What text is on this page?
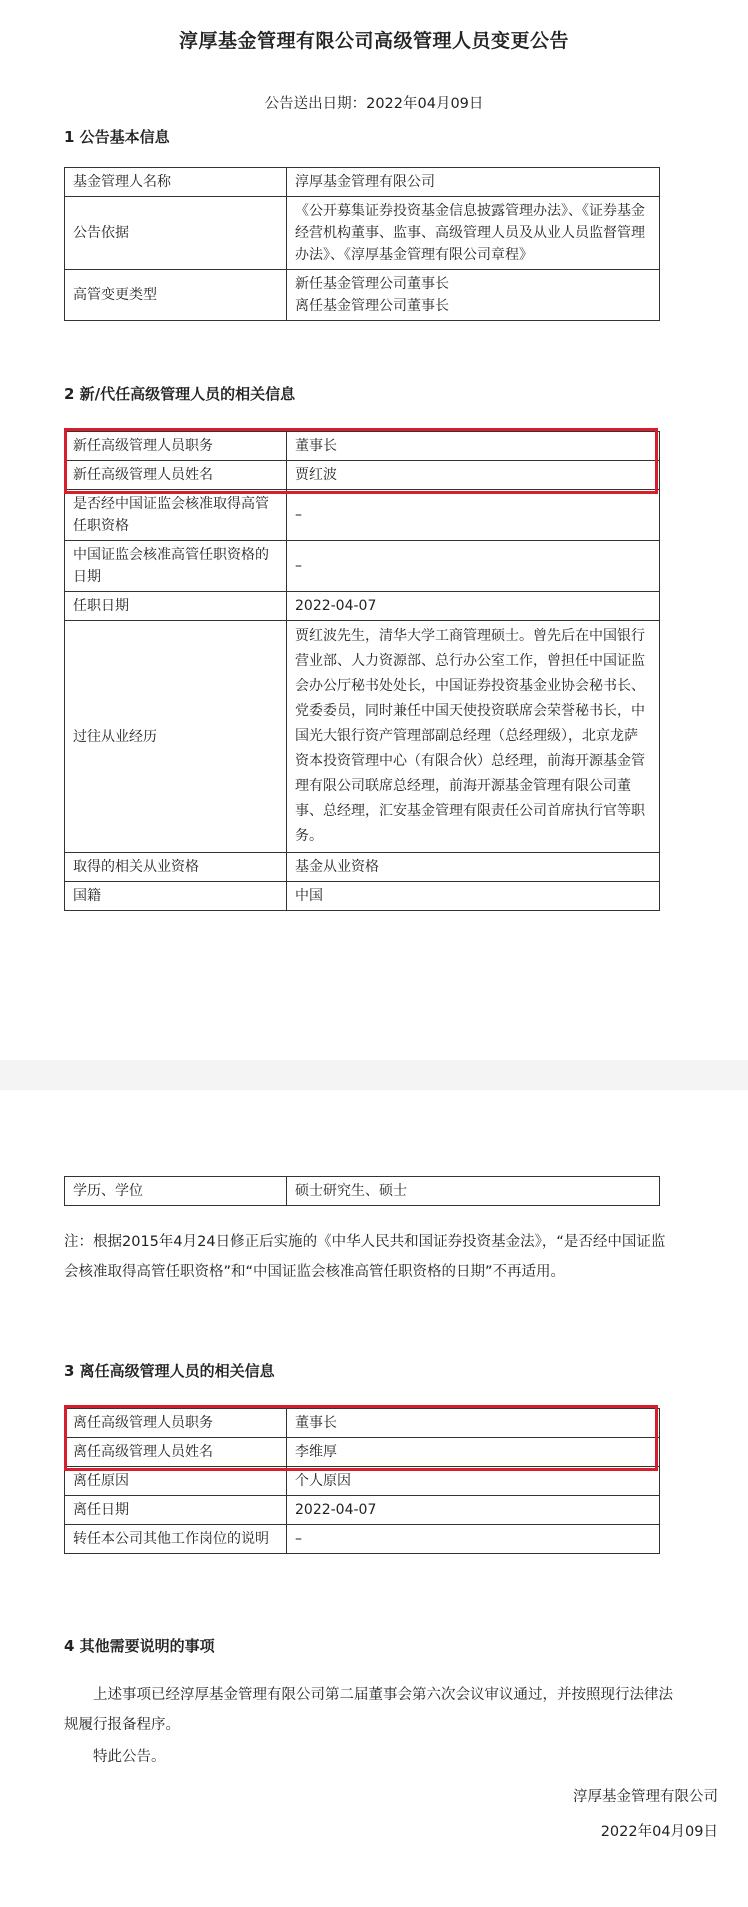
淳厚基金管理有限公司高级管理人员变更公告
公告送出日期：2022年04月09日
1 公告基本信息
基金管理人名称	淳厚基金管理有限公司
公告依据	《公开募集证券投资基金信息披露管理办法》、《证券基金经营机构董事、监事、高级管理人员及从业人员监督管理办法》、《淳厚基金管理有限公司章程》
高管变更类型	新任基金管理公司董事长
离任基金管理公司董事长
2 新/代任高级管理人员的相关信息
新任高级管理人员职务	董事长
新任高级管理人员姓名	贾红波
是否经中国证监会核准取得高管任职资格	–
中国证监会核准高管任职资格的日期	–
任职日期	2022-04-07
过往从业经历	贾红波先生，清华大学工商管理硕士。曾先后在中国银行营业部、人力资源部、总行办公室工作，曾担任中国证监会办公厅秘书处处长，中国证券投资基金业协会秘书长、党委委员，同时兼任中国天使投资联席会荣誉秘书长，中国光大银行资产管理部副总经理（总经理级），北京龙萨资本投资管理中心（有限合伙）总经理，前海开源基金管理有限公司联席总经理，前海开源基金管理有限公司董事、总经理，汇安基金管理有限责任公司首席执行官等职务。
取得的相关从业资格	基金从业资格
国籍	中国
学历、学位	硕士研究生、硕士
注：根据2015年4月24日修正后实施的《中华人民共和国证券投资基金法》，“是否经中国证监会核准取得高管任职资格”和“中国证监会核准高管任职资格的日期”不再适用。
3 离任高级管理人员的相关信息
离任高级管理人员职务	董事长
离任高级管理人员姓名	李维厚
离任原因	个人原因
离任日期	2022-04-07
转任本公司其他工作岗位的说明	–
4 其他需要说明的事项
上述事项已经淳厚基金管理有限公司第二届董事会第六次会议审议通过，并按照现行法律法规履行报备程序。
特此公告。
淳厚基金管理有限公司
2022年04月09日
